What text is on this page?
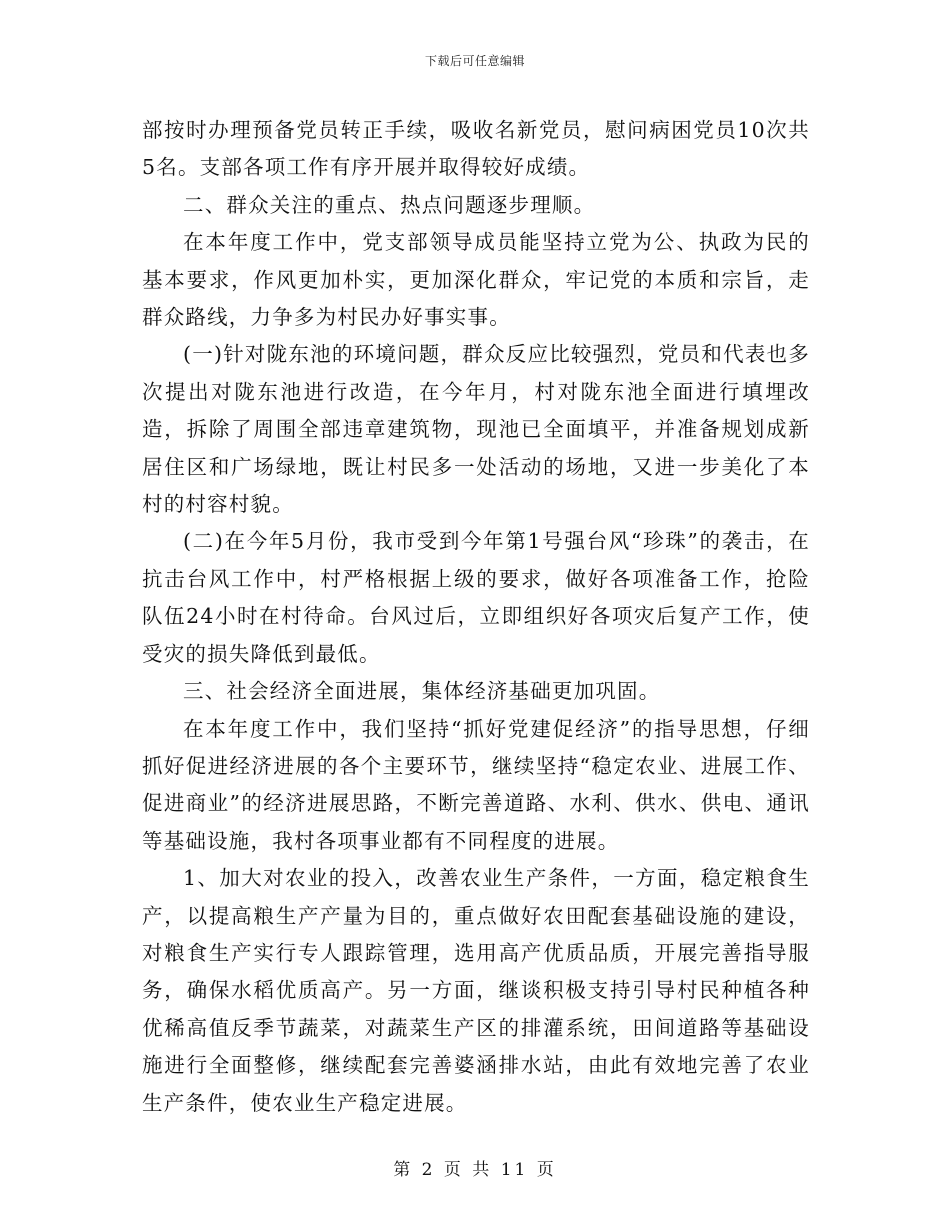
下载后可任意编辑

部按时办理预备党员转正手续，吸收名新党员，慰问病困党员10次共5名。支部各项工作有序开展并取得较好成绩。

二、群众关注的重点、热点问题逐步理顺。

在本年度工作中，党支部领导成员能坚持立党为公、执政为民的基本要求，作风更加朴实，更加深化群众，牢记党的本质和宗旨，走群众路线，力争多为村民办好事实事。

(一)针对陇东池的环境问题，群众反应比较强烈，党员和代表也多次提出对陇东池进行改造，在今年月，村对陇东池全面进行填埋改造，拆除了周围全部违章建筑物，现池已全面填平，并准备规划成新居住区和广场绿地，既让村民多一处活动的场地，又进一步美化了本村的村容村貌。

(二)在今年5月份，我市受到今年第1号强台风“珍珠”的袭击，在抗击台风工作中，村严格根据上级的要求，做好各项准备工作，抢险队伍24小时在村待命。台风过后，立即组织好各项灾后复产工作，使受灾的损失降低到最低。

三、社会经济全面进展，集体经济基础更加巩固。

在本年度工作中，我们坚持“抓好党建促经济”的指导思想，仔细抓好促进经济进展的各个主要环节，继续坚持“稳定农业、进展工作、促进商业”的经济进展思路，不断完善道路、水利、供水、供电、通讯等基础设施，我村各项事业都有不同程度的进展。

1、加大对农业的投入，改善农业生产条件，一方面，稳定粮食生产，以提高粮生产产量为目的，重点做好农田配套基础设施的建设，对粮食生产实行专人跟踪管理，选用高产优质品质，开展完善指导服务，确保水稻优质高产。另一方面，继谈积极支持引导村民种植各种优稀高值反季节蔬菜，对蔬菜生产区的排灌系统，田间道路等基础设施进行全面整修，继续配套完善婆涵排水站，由此有效地完善了农业生产条件，使农业生产稳定进展。

第 2 页 共 11 页
